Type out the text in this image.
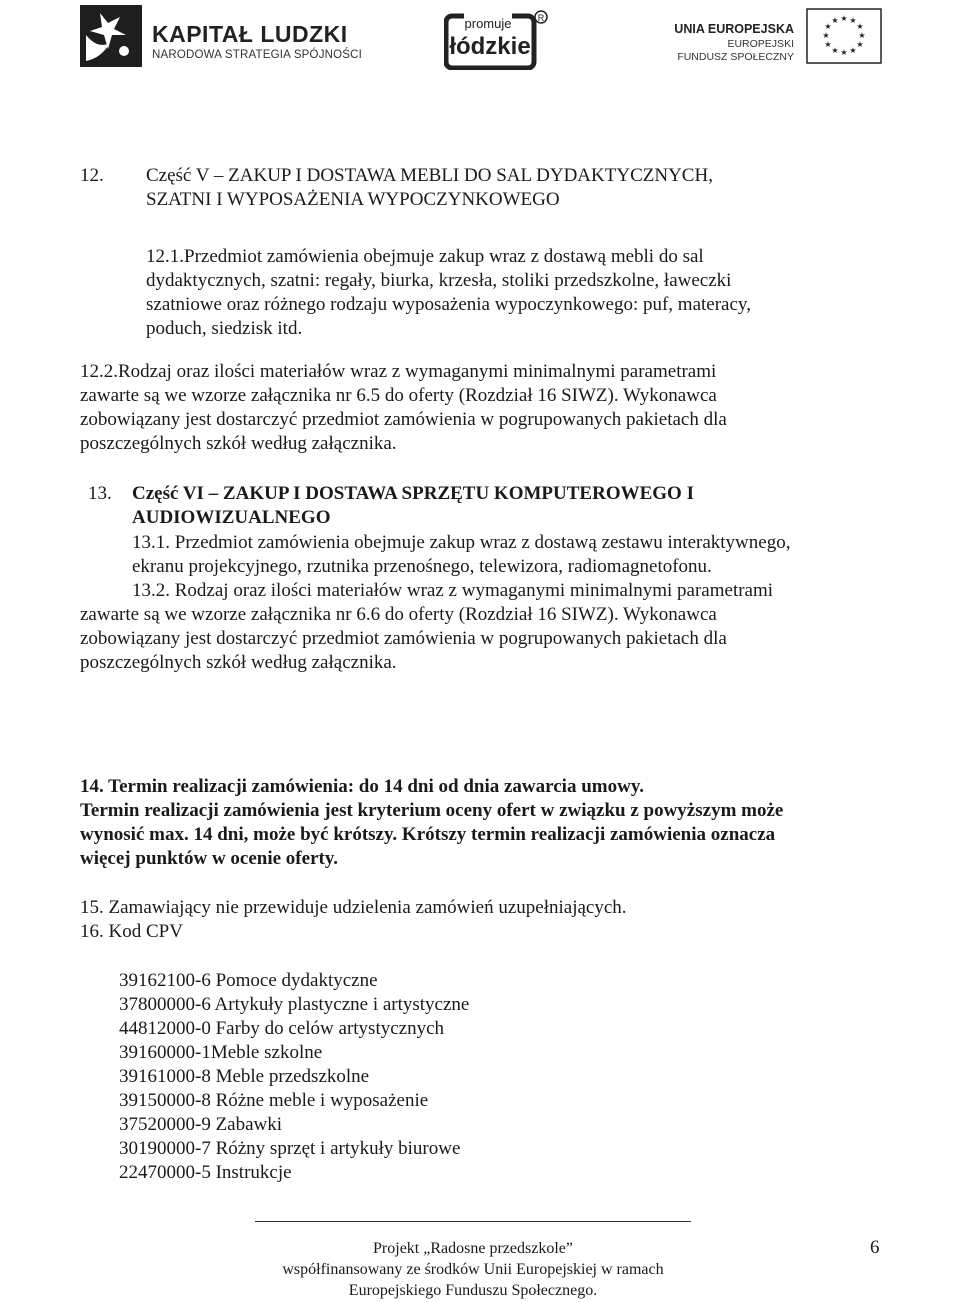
KAPITAŁ LUDZKI
NARODOWA STRATEGIA SPÓJNOŚCI
promuje
łódzkie
R
UNIA EUROPEJSKA
EUROPEJSKI
FUNDUSZ SPOŁECZNY
★ ★
★
★
★
★
★
★
★
★
★
★
12. Część V – ZAKUP I DOSTAWA MEBLI DO SAL DYDAKTYCZNYCH,
SZATNI I WYPOSAŻENIA WYPOCZYNKOWEGO
12.1.Przedmiot zamówienia obejmuje zakup wraz z dostawą mebli do sal
dydaktycznych, szatni: regały, biurka, krzesła, stoliki przedszkolne, ławeczki
szatniowe oraz różnego rodzaju wyposażenia wypoczynkowego: puf, materacy,
poduch, siedzisk itd.
12.2.Rodzaj oraz ilości materiałów wraz z wymaganymi minimalnymi parametrami
zawarte są we wzorze załącznika nr 6.5 do oferty (Rozdział 16 SIWZ). Wykonawca
zobowiązany jest dostarczyć przedmiot zamówienia w pogrupowanych pakietach dla
poszczególnych szkół według załącznika.
13. Część VI – ZAKUP I DOSTAWA SPRZĘTU KOMPUTEROWEGO I
AUDIOWIZUALNEGO
13.1. Przedmiot zamówienia obejmuje zakup wraz z dostawą zestawu interaktywnego,
ekranu projekcyjnego, rzutnika przenośnego, telewizora, radiomagnetofonu.
13.2. Rodzaj oraz ilości materiałów wraz z wymaganymi minimalnymi parametrami
zawarte są we wzorze załącznika nr 6.6 do oferty (Rozdział 16 SIWZ). Wykonawca
zobowiązany jest dostarczyć przedmiot zamówienia w pogrupowanych pakietach dla
poszczególnych szkół według załącznika.
14. Termin realizacji zamówienia: do 14 dni od dnia zawarcia umowy.
Termin realizacji zamówienia jest kryterium oceny ofert w związku z powyższym może
wynosić max. 14 dni, może być krótszy. Krótszy termin realizacji zamówienia oznacza
więcej punktów w ocenie oferty.
15. Zamawiający nie przewiduje udzielenia zamówień uzupełniających.
16. Kod CPV
39162100-6 Pomoce dydaktyczne
37800000-6 Artykuły plastyczne i artystyczne
44812000-0 Farby do celów artystycznych
39160000-1Meble szkolne
39161000-8 Meble przedszkolne
39150000-8 Różne meble i wyposażenie
37520000-9 Zabawki
30190000-7 Różny sprzęt i artykuły biurowe
22470000-5 Instrukcje
Projekt „Radosne przedszkole”
współfinansowany ze środków Unii Europejskiej w ramach
Europejskiego Funduszu Społecznego.
6
